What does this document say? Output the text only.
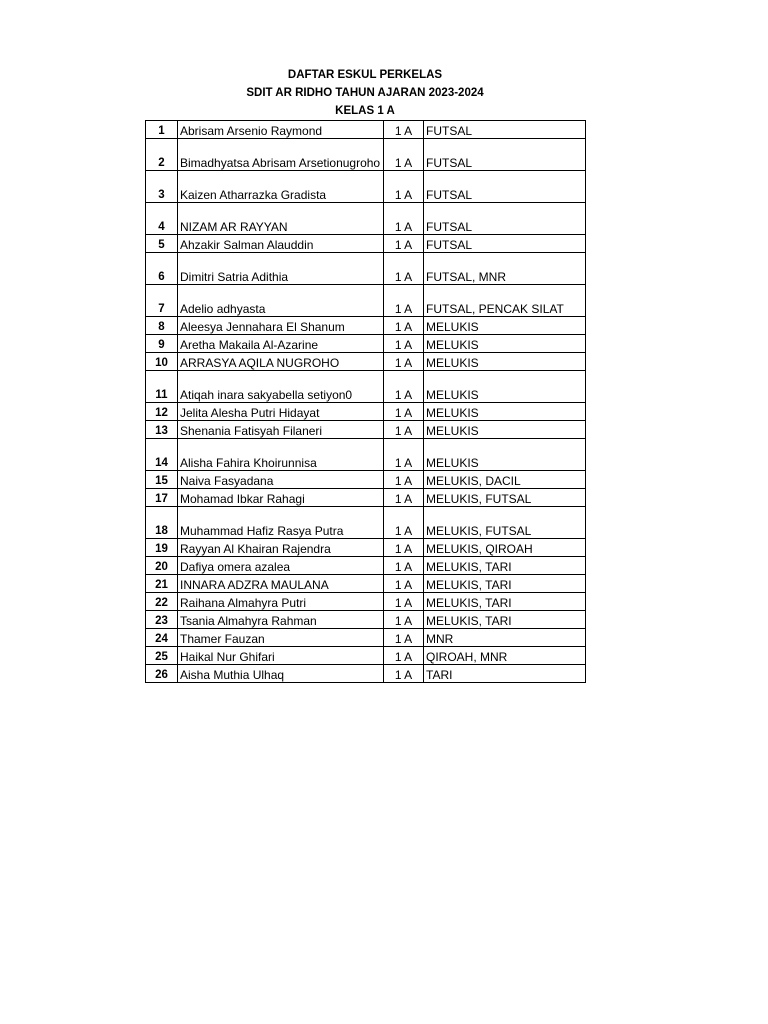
DAFTAR ESKUL PERKELAS
SDIT AR RIDHO TAHUN AJARAN 2023-2024
KELAS 1 A
1	Abrisam Arsenio Raymond	1 A	FUTSAL
2	Bimadhyatsa Abrisam Arsetionugroho	1 A	FUTSAL
3	Kaizen Atharrazka Gradista	1 A	FUTSAL
4	NIZAM AR RAYYAN	1 A	FUTSAL
5	Ahzakir Salman Alauddin	1 A	FUTSAL
6	Dimitri Satria Adithia	1 A	FUTSAL, MNR
7	Adelio adhyasta	1 A	FUTSAL, PENCAK SILAT
8	Aleesya Jennahara El Shanum	1 A	MELUKIS
9	Aretha Makaila Al-Azarine	1 A	MELUKIS
10	ARRASYA AQILA NUGROHO	1 A	MELUKIS
11	Atiqah inara sakyabella setiyon0	1 A	MELUKIS
12	Jelita Alesha Putri Hidayat	1 A	MELUKIS
13	Shenania Fatisyah Filaneri	1 A	MELUKIS
14	Alisha Fahira Khoirunnisa	1 A	MELUKIS
15	Naiva Fasyadana	1 A	MELUKIS, DACIL
17	Mohamad Ibkar Rahagi	1 A	MELUKIS, FUTSAL
18	Muhammad Hafiz Rasya Putra	1 A	MELUKIS, FUTSAL
19	Rayyan Al Khairan Rajendra	1 A	MELUKIS, QIROAH
20	Dafiya omera azalea	1 A	MELUKIS, TARI
21	INNARA ADZRA MAULANA	1 A	MELUKIS, TARI
22	Raihana Almahyra Putri	1 A	MELUKIS, TARI
23	Tsania Almahyra Rahman	1 A	MELUKIS, TARI
24	Thamer Fauzan	1 A	MNR
25	Haikal Nur Ghifari	1 A	QIROAH, MNR
26	Aisha Muthia Ulhaq	1 A	TARI
